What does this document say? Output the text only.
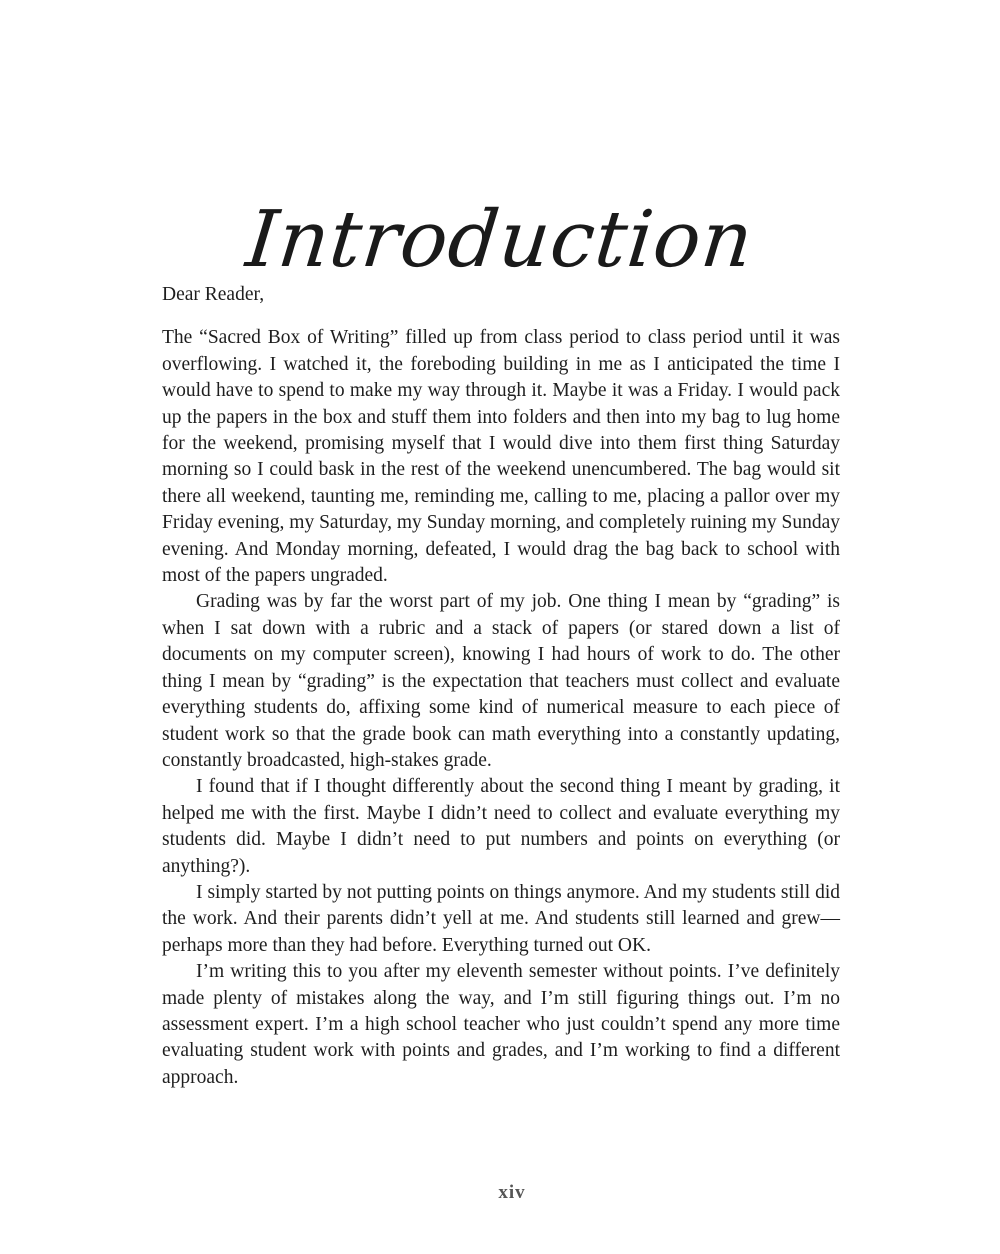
Introduction

Dear Reader,

The “Sacred Box of Writing” filled up from class period to class period until it was overflowing. I watched it, the foreboding building in me as I anticipated the time I would have to spend to make my way through it. Maybe it was a Friday. I would pack up the papers in the box and stuff them into folders and then into my bag to lug home for the weekend, promising myself that I would dive into them first thing Saturday morning so I could bask in the rest of the weekend unencumbered. The bag would sit there all weekend, taunting me, reminding me, calling to me, placing a pallor over my Friday evening, my Saturday, my Sunday morning, and completely ruining my Sunday evening. And Monday morning, defeated, I would drag the bag back to school with most of the papers ungraded.

Grading was by far the worst part of my job. One thing I mean by “grading” is when I sat down with a rubric and a stack of papers (or stared down a list of documents on my computer screen), knowing I had hours of work to do. The other thing I mean by “grading” is the expectation that teachers must collect and evaluate everything students do, affixing some kind of numerical measure to each piece of student work so that the grade book can math everything into a constantly updating, constantly broadcasted, high-stakes grade.

I found that if I thought differently about the second thing I meant by grading, it helped me with the first. Maybe I didn’t need to collect and evaluate everything my students did. Maybe I didn’t need to put numbers and points on everything (or anything?).

I simply started by not putting points on things anymore. And my students still did the work. And their parents didn’t yell at me. And students still learned and grew—perhaps more than they had before. Everything turned out OK.

I’m writing this to you after my eleventh semester without points. I’ve definitely made plenty of mistakes along the way, and I’m still figuring things out. I’m no assessment expert. I’m a high school teacher who just couldn’t spend any more time evaluating student work with points and grades, and I’m working to find a different approach.

xiv
